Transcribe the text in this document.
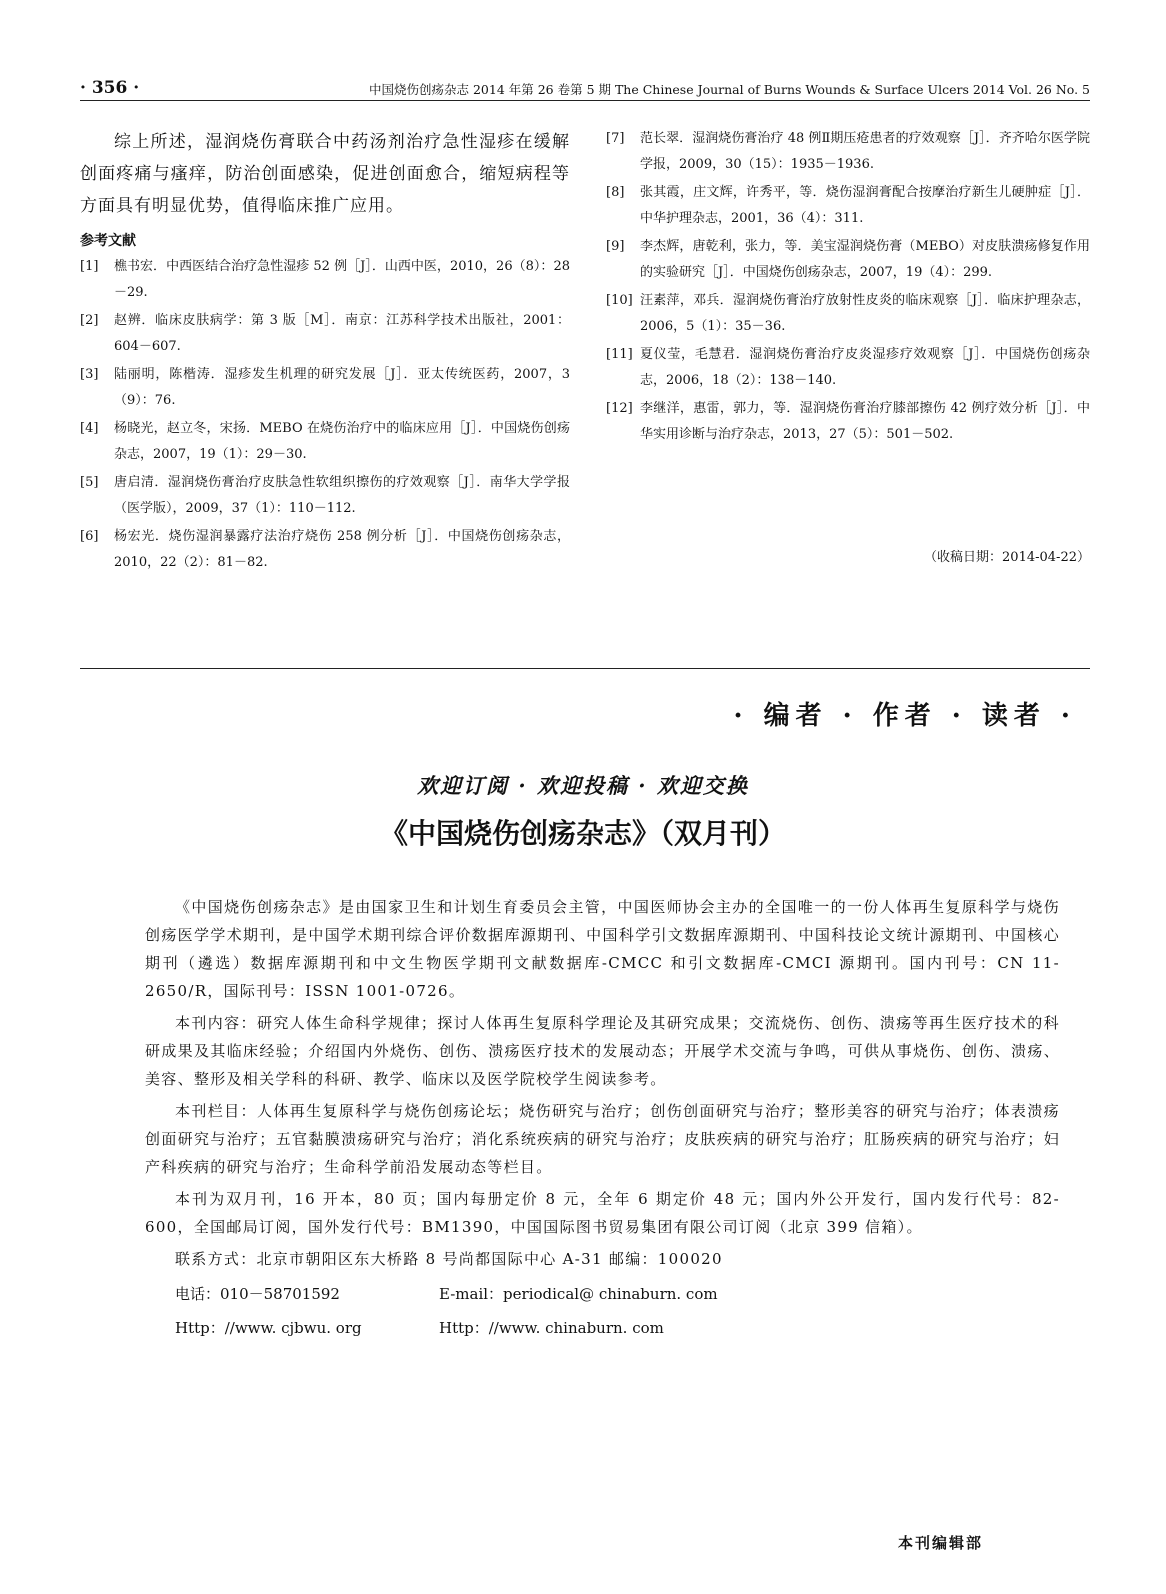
· 356 ·	中国烧伤创疡杂志 2014 年第 26 卷第 5 期 The Chinese Journal of Burns Wounds & Surface Ulcers 2014 Vol. 26 No. 5

综上所述，湿润烧伤膏联合中药汤剂治疗急性湿疹在缓解创面疼痛与瘙痒，防治创面感染，促进创面愈合，缩短病程等方面具有明显优势，值得临床推广应用。

参考文献
[1]	樵书宏．中西医结合治疗急性湿疹 52 例［J］．山西中医，2010，26（8）：28－29.
[2]	赵辨．临床皮肤病学：第 3 版［M］．南京：江苏科学技术出版社，2001：604－607.
[3]	陆丽明，陈楷涛．湿疹发生机理的研究发展［J］．亚太传统医药，2007，3（9）：76.
[4]	杨晓光，赵立冬，宋扬．MEBO 在烧伤治疗中的临床应用［J］．中国烧伤创疡杂志，2007，19（1）：29－30.
[5]	唐启清．湿润烧伤膏治疗皮肤急性软组织擦伤的疗效观察［J］．南华大学学报（医学版），2009，37（1）：110－112.
[6]	杨宏光．烧伤湿润暴露疗法治疗烧伤 258 例分析［J］．中国烧伤创疡杂志，2010，22（2）：81－82.
[7]	范长翠．湿润烧伤膏治疗 48 例Ⅱ期压疮患者的疗效观察［J］．齐齐哈尔医学院学报，2009，30（15）：1935－1936.
[8]	张其霞，庄文辉，许秀平，等．烧伤湿润膏配合按摩治疗新生儿硬肿症［J］．中华护理杂志，2001，36（4）：311.
[9]	李杰辉，唐乾利，张力，等．美宝湿润烧伤膏（MEBO）对皮肤溃疡修复作用的实验研究［J］．中国烧伤创疡杂志，2007，19（4）：299.
[10] 汪素萍，邓兵．湿润烧伤膏治疗放射性皮炎的临床观察［J］．临床护理杂志，2006，5（1）：35－36.
[11] 夏仪莹，毛慧君．湿润烧伤膏治疗皮炎湿疹疗效观察［J］．中国烧伤创疡杂志，2006，18（2）：138－140.
[12] 李继洋，惠雷，郭力，等．湿润烧伤膏治疗膝部擦伤 42 例疗效分析［J］．中华实用诊断与治疗杂志，2013，27（5）：501－502.
（收稿日期：2014-04-22）
· 编者 · 作者 · 读者 ·
欢迎订阅 · 欢迎投稿 · 欢迎交换
《中国烧伤创疡杂志》（双月刊）

《中国烧伤创疡杂志》是由国家卫生和计划生育委员会主管，中国医师协会主办的全国唯一的一份人体再生复原科学与烧伤创疡医学学术期刊，是中国学术期刊综合评价数据库源期刊、中国科学引文数据库源期刊、中国科技论文统计源期刊、中国核心期刊（遴选）数据库源期刊和中文生物医学期刊文献数据库-CMCC 和引文数据库-CMCI 源期刊。国内刊号：CN 11-2650/R，国际刊号：ISSN 1001-0726。

本刊内容：研究人体生命科学规律；探讨人体再生复原科学理论及其研究成果；交流烧伤、创伤、溃疡等再生医疗技术的科研成果及其临床经验；介绍国内外烧伤、创伤、溃疡医疗技术的发展动态；开展学术交流与争鸣，可供从事烧伤、创伤、溃疡、美容、整形及相关学科的科研、教学、临床以及医学院校学生阅读参考。

本刊栏目：人体再生复原科学与烧伤创疡论坛；烧伤研究与治疗；创伤创面研究与治疗；整形美容的研究与治疗；体表溃疡创面研究与治疗；五官黏膜溃疡研究与治疗；消化系统疾病的研究与治疗；皮肤疾病的研究与治疗；肛肠疾病的研究与治疗；妇产科疾病的研究与治疗；生命科学前沿发展动态等栏目。

本刊为双月刊，16 开本，80 页；国内每册定价 8 元，全年 6 期定价 48 元；国内外公开发行，国内发行代号：82-600，全国邮局订阅，国外发行代号：BM1390，中国国际图书贸易集团有限公司订阅（北京 399 信箱）。

联系方式：北京市朝阳区东大桥路 8 号尚都国际中心 A-31 邮编：100020

电话：010－58701592	E-mail：periodical@ chinaburn. com
Http：//www. cjbwu. org	Http：//www. chinaburn. com
本刊编辑部
